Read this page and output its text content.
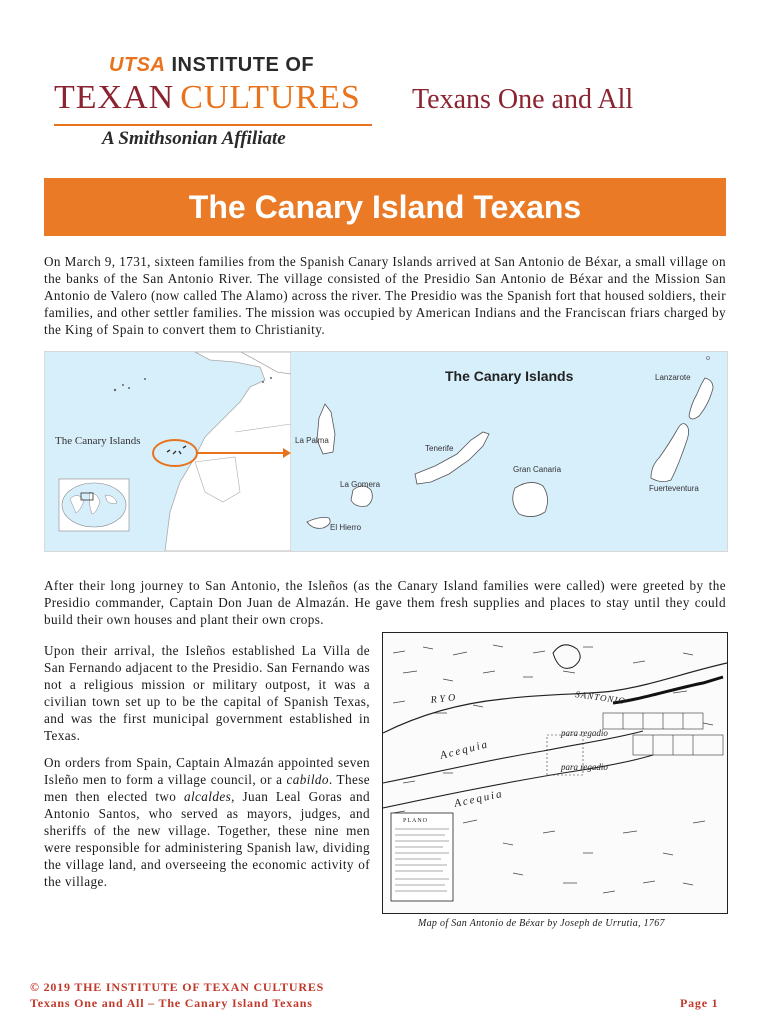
UTSA INSTITUTE OF
TEXAN CULTURES
A Smithsonian Affiliate
Texans One and All
The Canary Island Texans

On March 9, 1731, sixteen families from the Spanish Canary Islands arrived at San Antonio de Béxar, a small village on the banks of the San Antonio River. The village consisted of the Presidio San Antonio de Béxar and the Mission San Antonio de Valero (now called The Alamo) across the river. The Presidio was the Spanish fort that housed soldiers, their families, and other settler families. The mission was occupied by American Indians and the Franciscan friars charged by the King of Spain to convert them to Christianity.

The Canary Islands
The Canary Islands
La Palma
Tenerife
La Gomera
El Hierro
Gran Canaria
Lanzarote
Fuerteventura

After their long journey to San Antonio, the Isleños (as the Canary Island families were called) were greeted by the Presidio commander, Captain Don Juan de Almazán. He gave them fresh supplies and places to stay until they could build their own houses and plant their own crops.

Upon their arrival, the Isleños established La Villa de San Fernando adjacent to the Presidio. San Fernando was not a religious mission or military outpost, it was a civilian town set up to be the capital of Spanish Texas, and was the first municipal government established in Texas.

On orders from Spain, Captain Almazán appointed seven Isleño men to form a village council, or a cabildo. These men then elected two alcaldes, Juan Leal Goras and Antonio Santos, who served as mayors, judges, and sheriffs of the new village. Together, these nine men were responsible for administering Spanish law, dividing the village land, and overseeing the economic activity of the village.

RYO	SANTONIO
para regadio
para regadio
Acequia
Acequia
PLANO
Map of San Antonio de Béxar by Joseph de Urrutia, 1767
© 2019 THE INSTITUTE OF TEXAN CULTURES
Texans One and All – The Canary Island Texans	Page 1
